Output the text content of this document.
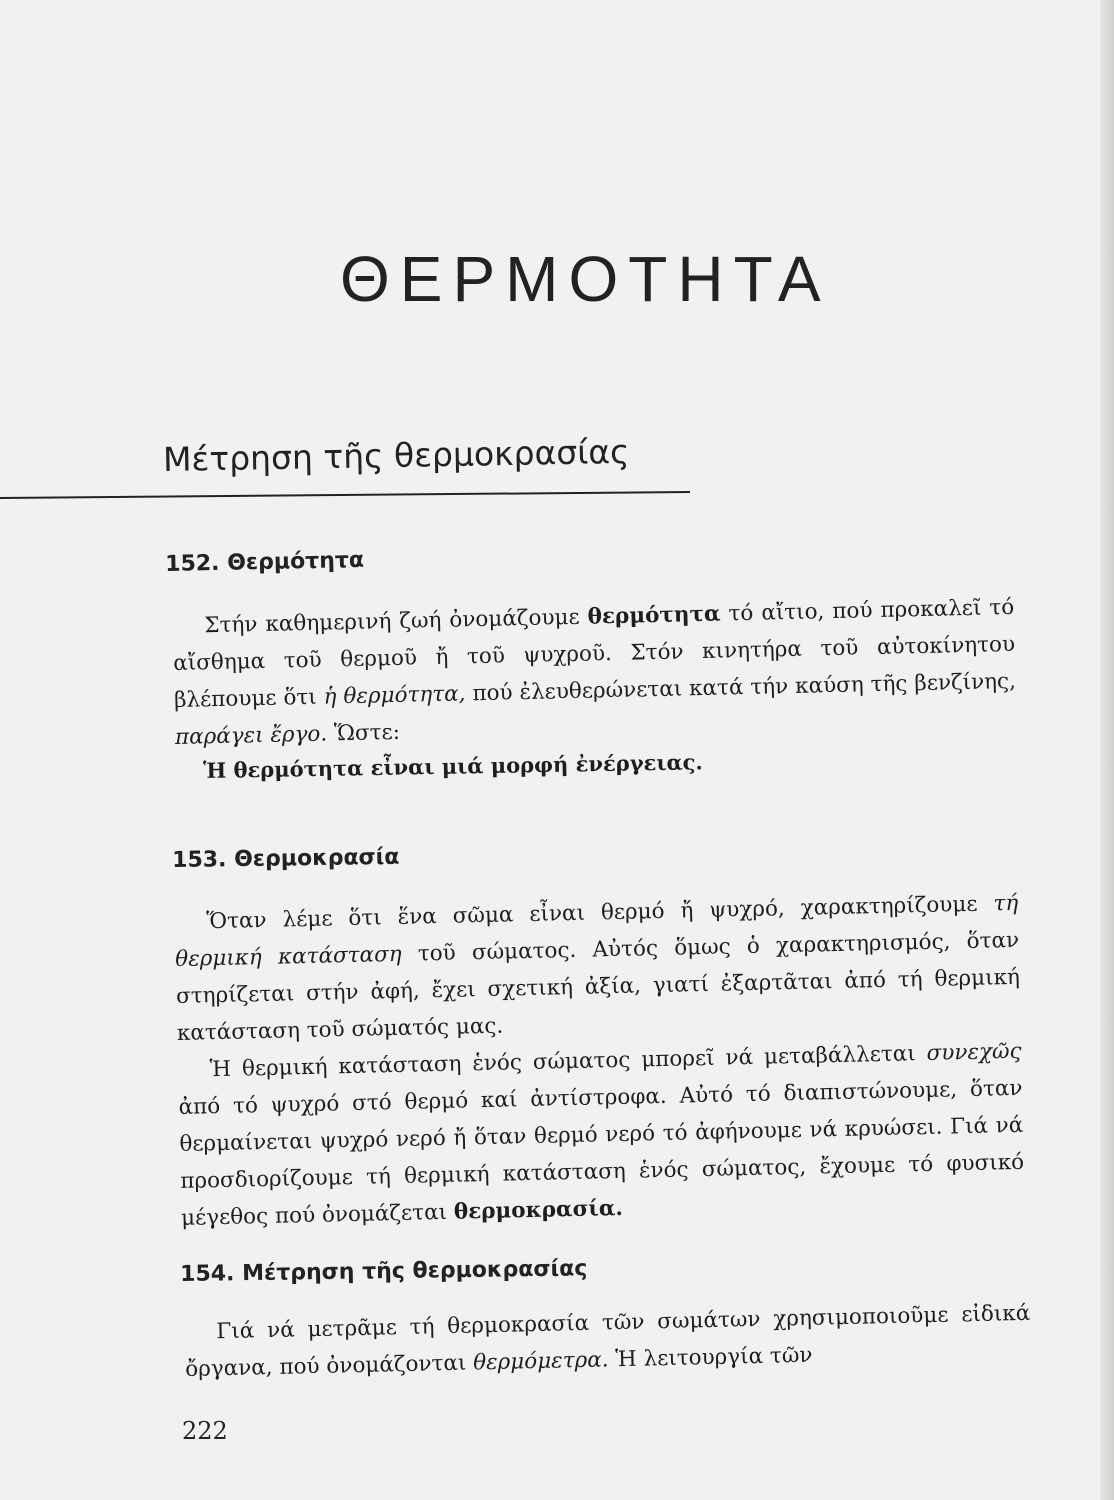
ΘΕΡΜΟΤΗΤΑ
Μέτρηση τῆς θερμοκρασίας
152. Θερμότητα

Στήν καθημερινή ζωή ὀνομάζουμε θερμότητα τό αἴτιο, πού προκαλεῖ τό αἴσθημα τοῦ θερμοῦ ἤ τοῦ ψυχροῦ. Στόν κινητήρα τοῦ αὐτοκίνητου βλέπουμε ὅτι ἡ θερμότητα, πού ἐλευθερώνεται κατά τήν καύση τῆς βενζίνης, παράγει ἔργο. Ὥστε:

Ἡ θερμότητα εἶναι μιά μορφή ἐνέργειας.
153. Θερμοκρασία

Ὅταν λέμε ὅτι ἕνα σῶμα εἶναι θερμό ἤ ψυχρό, χαρακτηρίζουμε τή θερμική κατάσταση τοῦ σώματος. Αὐτός ὅμως ὁ χαρακτηρισμός, ὅταν στηρίζεται στήν ἀφή, ἔχει σχετική ἀξία, γιατί ἐξαρτᾶται ἀπό τή θερμική κατάσταση τοῦ σώματός μας.

Ἡ θερμική κατάσταση ἑνός σώματος μπορεῖ νά μεταβάλλεται συνεχῶς ἀπό τό ψυχρό στό θερμό καί ἀντίστροφα. Αὐτό τό διαπιστώνουμε, ὅταν θερμαίνεται ψυχρό νερό ἤ ὅταν θερμό νερό τό ἀφήνουμε νά κρυώσει. Γιά νά προσδιορίζουμε τή θερμική κατάσταση ἑνός σώματος, ἔχουμε τό φυσικό μέγεθος πού ὀνομάζεται θερμοκρασία.

154. Μέτρηση τῆς θερμοκρασίας

Γιά νά μετρᾶμε τή θερμοκρασία τῶν σωμάτων χρησιμοποιοῦμε εἰδικά ὄργανα, πού ὀνομάζονται θερμόμετρα. Ἡ λειτουργία τῶν

222
